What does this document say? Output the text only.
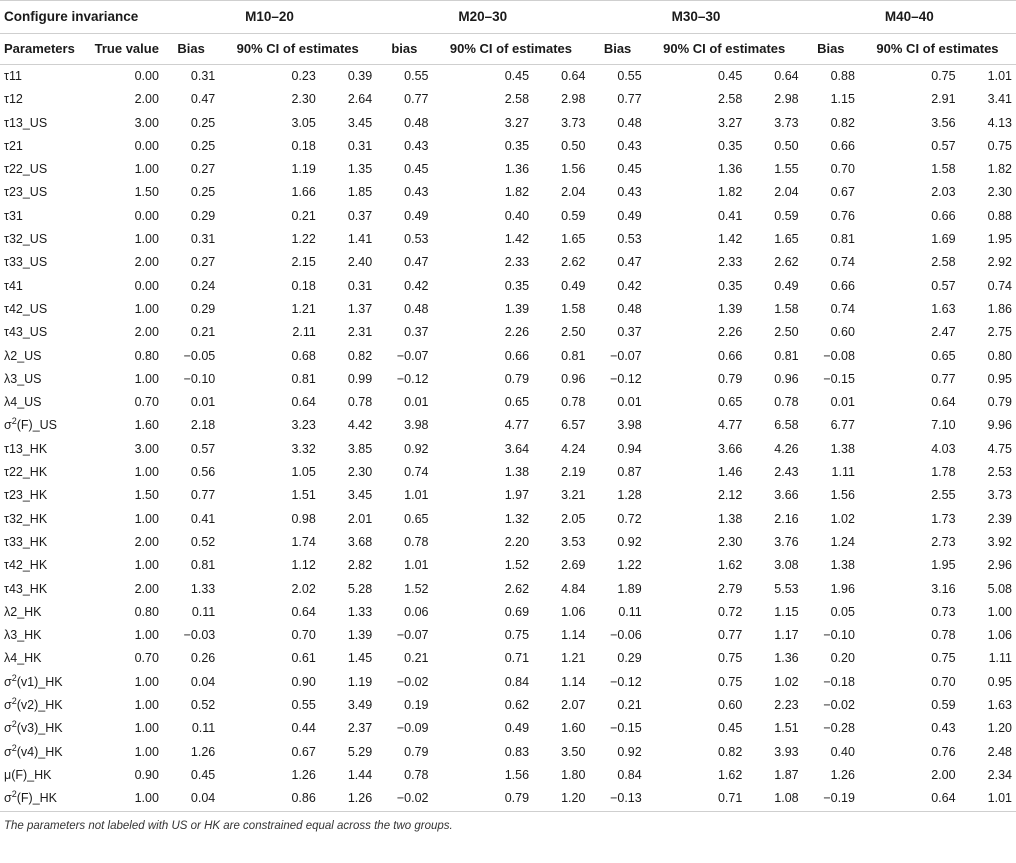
Configure invariance		M10–20			M20–30			M30–30			M40–40		
Parameters	True value	Bias	90% CI of estimates		bias	90% CI of estimates		Bias	90% CI of estimates		Bias	90% CI of estimates	
τ11	0.00	0.31	0.23	0.39	0.55	0.45	0.64	0.55	0.45	0.64	0.88	0.75	1.01
τ12	2.00	0.47	2.30	2.64	0.77	2.58	2.98	0.77	2.58	2.98	1.15	2.91	3.41
τ13_US	3.00	0.25	3.05	3.45	0.48	3.27	3.73	0.48	3.27	3.73	0.82	3.56	4.13
τ21	0.00	0.25	0.18	0.31	0.43	0.35	0.50	0.43	0.35	0.50	0.66	0.57	0.75
τ22_US	1.00	0.27	1.19	1.35	0.45	1.36	1.56	0.45	1.36	1.55	0.70	1.58	1.82
τ23_US	1.50	0.25	1.66	1.85	0.43	1.82	2.04	0.43	1.82	2.04	0.67	2.03	2.30
τ31	0.00	0.29	0.21	0.37	0.49	0.40	0.59	0.49	0.41	0.59	0.76	0.66	0.88
τ32_US	1.00	0.31	1.22	1.41	0.53	1.42	1.65	0.53	1.42	1.65	0.81	1.69	1.95
τ33_US	2.00	0.27	2.15	2.40	0.47	2.33	2.62	0.47	2.33	2.62	0.74	2.58	2.92
τ41	0.00	0.24	0.18	0.31	0.42	0.35	0.49	0.42	0.35	0.49	0.66	0.57	0.74
τ42_US	1.00	0.29	1.21	1.37	0.48	1.39	1.58	0.48	1.39	1.58	0.74	1.63	1.86
τ43_US	2.00	0.21	2.11	2.31	0.37	2.26	2.50	0.37	2.26	2.50	0.60	2.47	2.75
λ2_US	0.80	−0.05	0.68	0.82	−0.07	0.66	0.81	−0.07	0.66	0.81	−0.08	0.65	0.80
λ3_US	1.00	−0.10	0.81	0.99	−0.12	0.79	0.96	−0.12	0.79	0.96	−0.15	0.77	0.95
λ4_US	0.70	0.01	0.64	0.78	0.01	0.65	0.78	0.01	0.65	0.78	0.01	0.64	0.79
$\sigma^2(F)\_US$	1.60	2.18	3.23	4.42	3.98	4.77	6.57	3.98	4.77	6.58	6.77	7.10	9.96
τ13_HK	3.00	0.57	3.32	3.85	0.92	3.64	4.24	0.94	3.66	4.26	1.38	4.03	4.75
τ22_HK	1.00	0.56	1.05	2.30	0.74	1.38	2.19	0.87	1.46	2.43	1.11	1.78	2.53
τ23_HK	1.50	0.77	1.51	3.45	1.01	1.97	3.21	1.28	2.12	3.66	1.56	2.55	3.73
τ32_HK	1.00	0.41	0.98	2.01	0.65	1.32	2.05	0.72	1.38	2.16	1.02	1.73	2.39
τ33_HK	2.00	0.52	1.74	3.68	0.78	2.20	3.53	0.92	2.30	3.76	1.24	2.73	3.92
τ42_HK	1.00	0.81	1.12	2.82	1.01	1.52	2.69	1.22	1.62	3.08	1.38	1.95	2.96
τ43_HK	2.00	1.33	2.02	5.28	1.52	2.62	4.84	1.89	2.79	5.53	1.96	3.16	5.08
λ2_HK	0.80	0.11	0.64	1.33	0.06	0.69	1.06	0.11	0.72	1.15	0.05	0.73	1.00
λ3_HK	1.00	−0.03	0.70	1.39	−0.07	0.75	1.14	−0.06	0.77	1.17	−0.10	0.78	1.06
λ4_HK	0.70	0.26	0.61	1.45	0.21	0.71	1.21	0.29	0.75	1.36	0.20	0.75	1.11
$\sigma^2(v1)\_HK$	1.00	0.04	0.90	1.19	−0.02	0.84	1.14	−0.12	0.75	1.02	−0.18	0.70	0.95
$\sigma^2(v2)\_HK$	1.00	0.52	0.55	3.49	0.19	0.62	2.07	0.21	0.60	2.23	−0.02	0.59	1.63
$\sigma^2(v3)\_HK$	1.00	0.11	0.44	2.37	−0.09	0.49	1.60	−0.15	0.45	1.51	−0.28	0.43	1.20
$\sigma^2(v4)\_HK$	1.00	1.26	0.67	5.29	0.79	0.83	3.50	0.92	0.82	3.93	0.40	0.76	2.48
μ(F)_HK	0.90	0.45	1.26	1.44	0.78	1.56	1.80	0.84	1.62	1.87	1.26	2.00	2.34
$\sigma^2(F)\_HK$	1.00	0.04	0.86	1.26	−0.02	0.79	1.20	−0.13	0.71	1.08	−0.19	0.64	1.01
The parameters not labeled with US or HK are constrained equal across the two groups.
